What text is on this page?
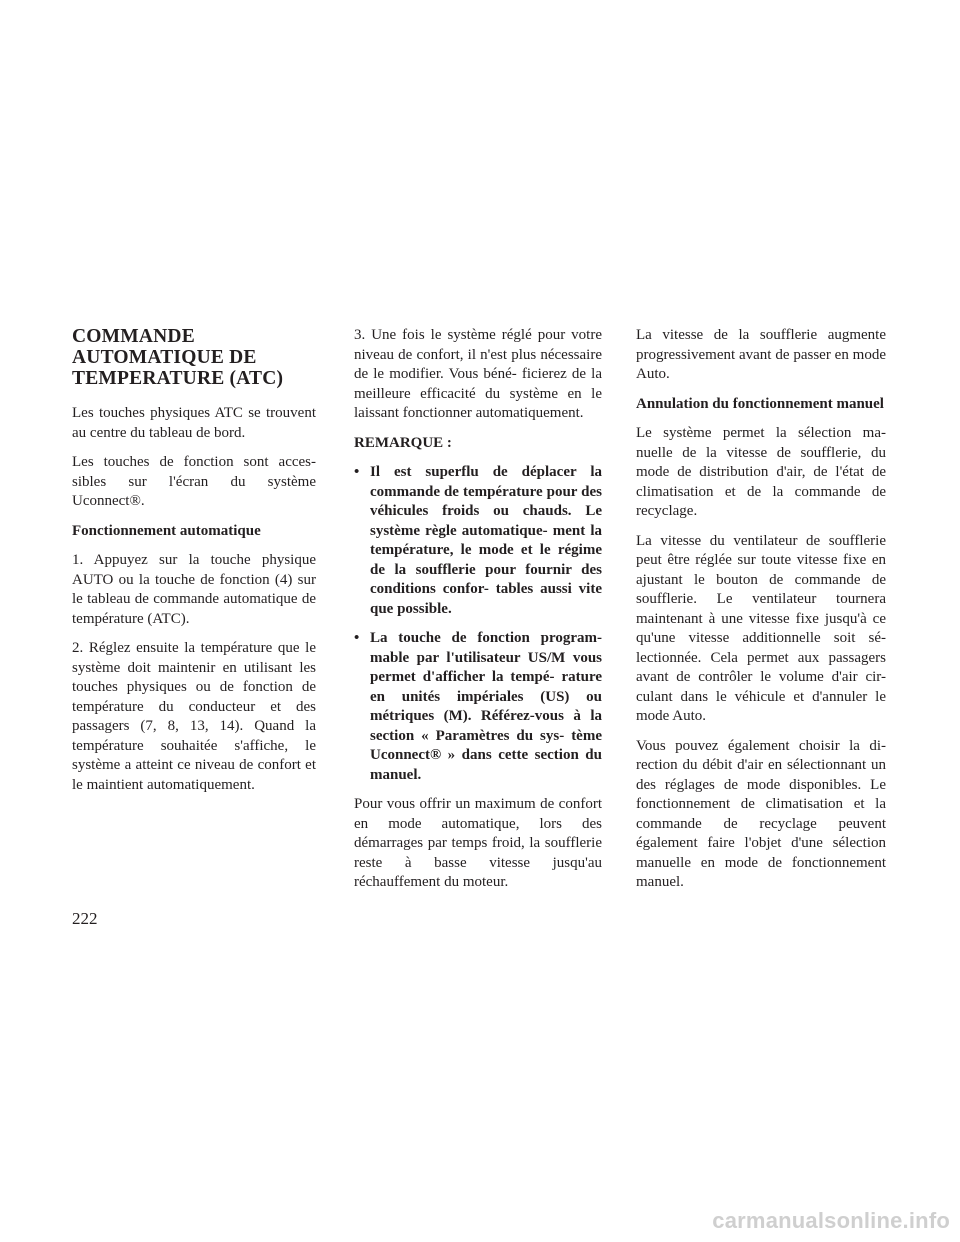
COMMANDE AUTOMATIQUE DE TEMPERATURE (ATC)

Les touches physiques ATC se trouvent au centre du tableau de bord.

Les touches de fonction sont acces- sibles sur l'écran du système Uconnect®.

Fonctionnement automatique

1. Appuyez sur la touche physique AUTO ou la touche de fonction (4) sur le tableau de commande automatique de température (ATC).

2. Réglez ensuite la température que le système doit maintenir en utilisant les touches physiques ou de fonction de température du conducteur et des passagers (7, 8, 13, 14). Quand la température souhaitée s'affiche, le système a atteint ce niveau de confort et le maintient automatiquement.

3. Une fois le système réglé pour votre niveau de confort, il n'est plus nécessaire de le modifier. Vous béné- ficierez de la meilleure efficacité du système en le laissant fonctionner automatiquement.

REMARQUE :

• Il est superflu de déplacer la commande de température pour des véhicules froids ou chauds. Le système règle automatique- ment la température, le mode et le régime de la soufflerie pour fournir des conditions confor- tables aussi vite que possible.
• La touche de fonction program- mable par l'utilisateur US/M vous permet d'afficher la tempé- rature en unités impériales (US) ou métriques (M). Référez-vous à la section « Paramètres du sys- tème Uconnect® » dans cette section du manuel.

Pour vous offrir un maximum de confort en mode automatique, lors des démarrages par temps froid, la soufflerie reste à basse vitesse jusqu'au réchauffement du moteur.

La vitesse de la soufflerie augmente progressivement avant de passer en mode Auto.

Annulation du fonctionnement manuel

Le système permet la sélection ma- nuelle de la vitesse de soufflerie, du mode de distribution d'air, de l'état de climatisation et de la commande de recyclage.

La vitesse du ventilateur de soufflerie peut être réglée sur toute vitesse fixe en ajustant le bouton de commande de soufflerie. Le ventilateur tournera maintenant à une vitesse fixe jusqu'à ce qu'une vitesse additionnelle soit sé- lectionnée. Cela permet aux passagers avant de contrôler le volume d'air cir- culant dans le véhicule et d'annuler le mode Auto.

Vous pouvez également choisir la di- rection du débit d'air en sélectionnant un des réglages de mode disponibles. Le fonctionnement de climatisation et la commande de recyclage peuvent également faire l'objet d'une sélection manuelle en mode de fonctionnement manuel.

222
carmanualsonline.info
